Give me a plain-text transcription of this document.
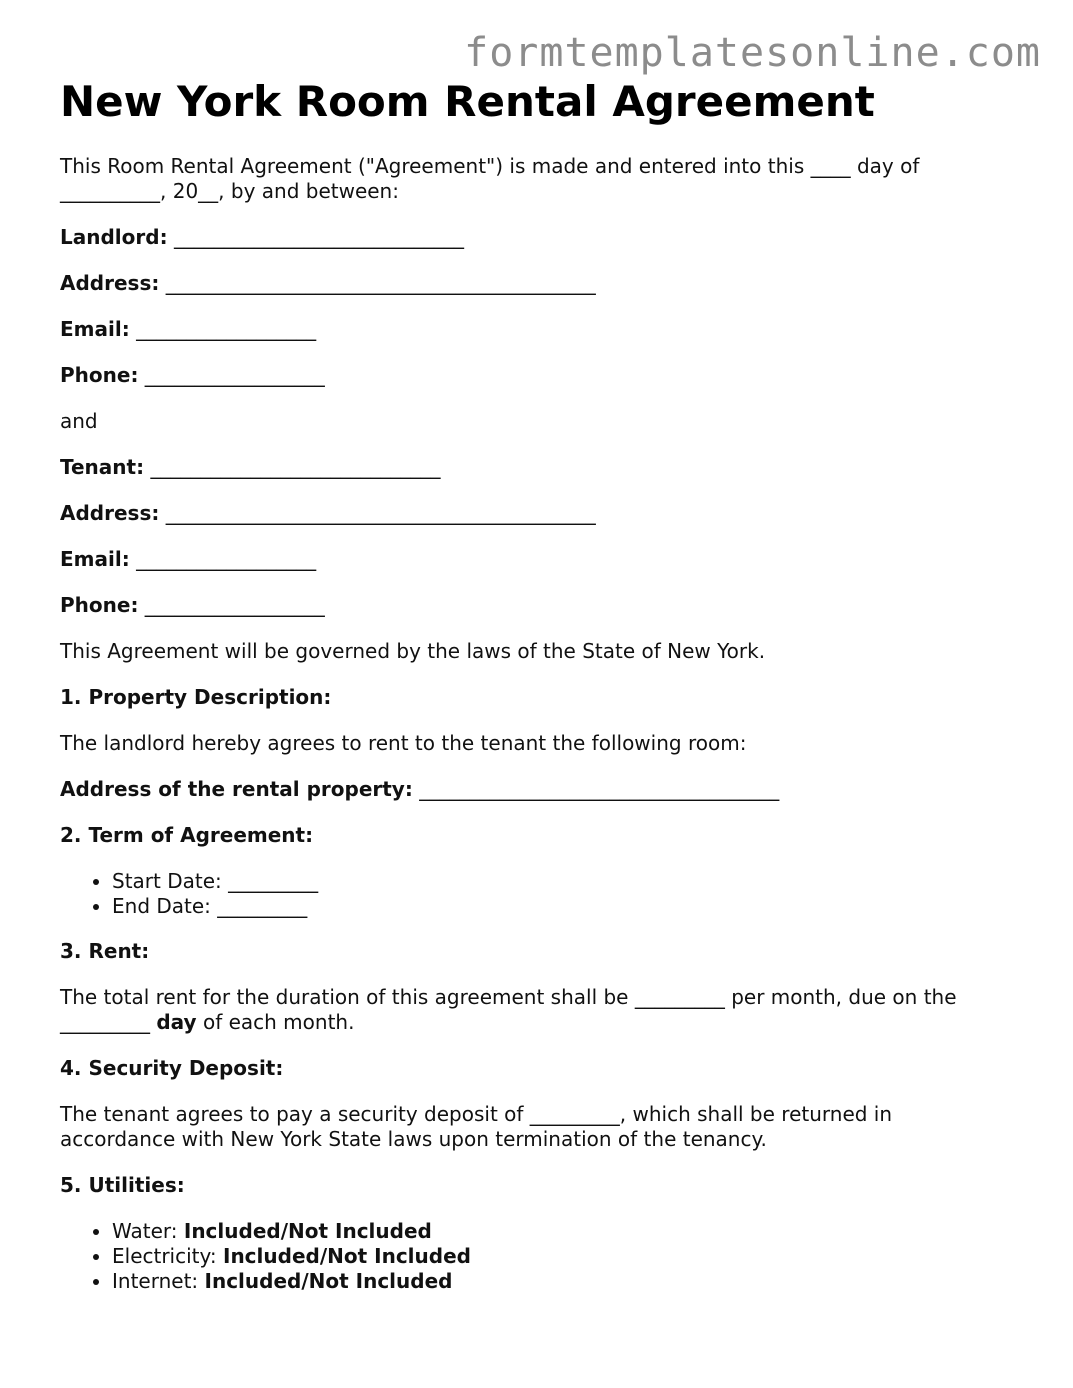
formtemplatesonline.com
New York Room Rental Agreement

This Room Rental Agreement ("Agreement") is made and entered into this ____ day of
__________, 20__, by and between:

Landlord: _____________________________

Address: ___________________________________________

Email: __________________

Phone: __________________

and

Tenant: _____________________________

Address: ___________________________________________

Email: __________________

Phone: __________________

This Agreement will be governed by the laws of the State of New York.

1. Property Description:

The landlord hereby agrees to rent to the tenant the following room:

Address of the rental property: ____________________________________

2. Term of Agreement:

• Start Date: _________
• End Date: _________

3. Rent:

The total rent for the duration of this agreement shall be _________ per month, due on the
_________ day of each month.

4. Security Deposit:

The tenant agrees to pay a security deposit of _________, which shall be returned in
accordance with New York State laws upon termination of the tenancy.

5. Utilities:

• Water: Included/Not Included
• Electricity: Included/Not Included
• Internet: Included/Not Included
